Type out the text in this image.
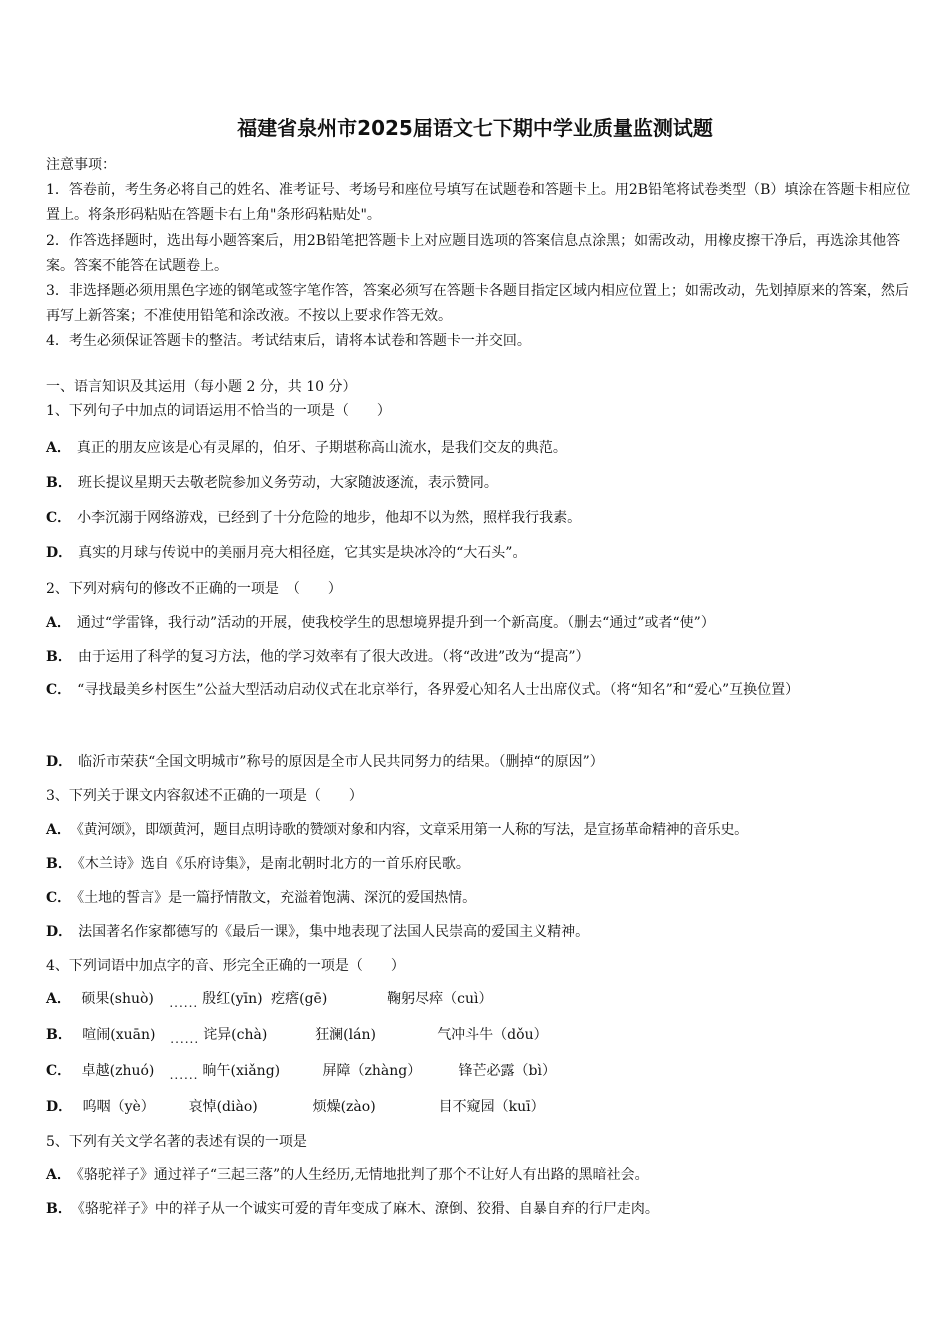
福建省泉州市2025届语文七下期中学业质量监测试题

注意事项：

1．答卷前，考生务必将自己的姓名、准考证号、考场号和座位号填写在试题卷和答题卡上。用2B铅笔将试卷类型（B）填涂在答题卡相应位置上。将条形码粘贴在答题卡右上角"条形码粘贴处"。

2．作答选择题时，选出每小题答案后，用2B铅笔把答题卡上对应题目选项的答案信息点涂黑；如需改动，用橡皮擦干净后，再选涂其他答案。答案不能答在试题卷上。

3．非选择题必须用黑色字迹的钢笔或签字笔作答，答案必须写在答题卡各题目指定区域内相应位置上；如需改动，先划掉原来的答案，然后再写上新答案；不准使用铅笔和涂改液。不按以上要求作答无效。

4．考生必须保证答题卡的整洁。考试结束后，请将本试卷和答题卡一并交回。

一、语言知识及其运用（每小题 2 分，共 10 分）
1、下列句子中加点的词语运用不恰当的一项是（　　）
A． 真正的朋友应该是心有灵犀的，伯牙、子期堪称高山流水，是我们交友的典范。
B． 班长提议星期天去敬老院参加义务劳动，大家随波逐流，表示赞同。
C． 小李沉溺于网络游戏，已经到了十分危险的地步，他却不以为然，照样我行我素。
D． 真实的月球与传说中的美丽月亮大相径庭，它其实是块冰冷的“大石头”。
2、下列对病句的修改不正确的一项是　（　　）
A． 通过“学雷锋，我行动”活动的开展，使我校学生的思想境界提升到一个新高度。（删去“通过”或者“使”）
B． 由于运用了科学的复习方法，他的学习效率有了很大改进。（将“改进”改为“提高”）
C． “寻找最美乡村医生”公益大型活动启动仪式在北京举行，各界爱心知名人士出席仪式。（将“知名”和“爱心”互换位置）
D． 临沂市荣获“全国文明城市”称号的原因是全市人民共同努力的结果。（删掉“的原因”）
3、下列关于课文内容叙述不正确的一项是（　　）
A． 《黄河颂》，即颂黄河，题目点明诗歌的赞颂对象和内容，文章采用第一人称的写法，是宣扬革命精神的音乐史。
B． 《木兰诗》选自《乐府诗集》，是南北朝时北方的一首乐府民歌。
C． 《土地的誓言》是一篇抒情散文，充溢着饱满、深沉的爱国热情。
D． 法国著名作家都德写的《最后一课》，集中地表现了法国人民崇高的爱国主义精神。
4、下列词语中加点字的音、形完全正确的一项是（　　）
A． 硕果(shuò) ...... 殷红(yīn) 疙瘩(gē)	鞠躬尽瘁（cuì）
B． 喧闹(xuān) ...... 诧异(chà)	狂澜(lán)	气冲斗牛（dǒu）
C． 卓越(zhuó) ...... 晌午(xiǎng)	屏障（zhàng）	锋芒必露（bì）
D． 呜咽（yè） 哀悼(diào)	烦燥(zào)	目不窥园（kuī）
5、下列有关文学名著的表述有误的一项是
A． 《骆驼祥子》通过祥子“三起三落”的人生经历,无情地批判了那个不让好人有出路的黑暗社会。
B． 《骆驼祥子》中的祥子从一个诚实可爱的青年变成了麻木、潦倒、狡猾、自暴自弃的行尸走肉。
